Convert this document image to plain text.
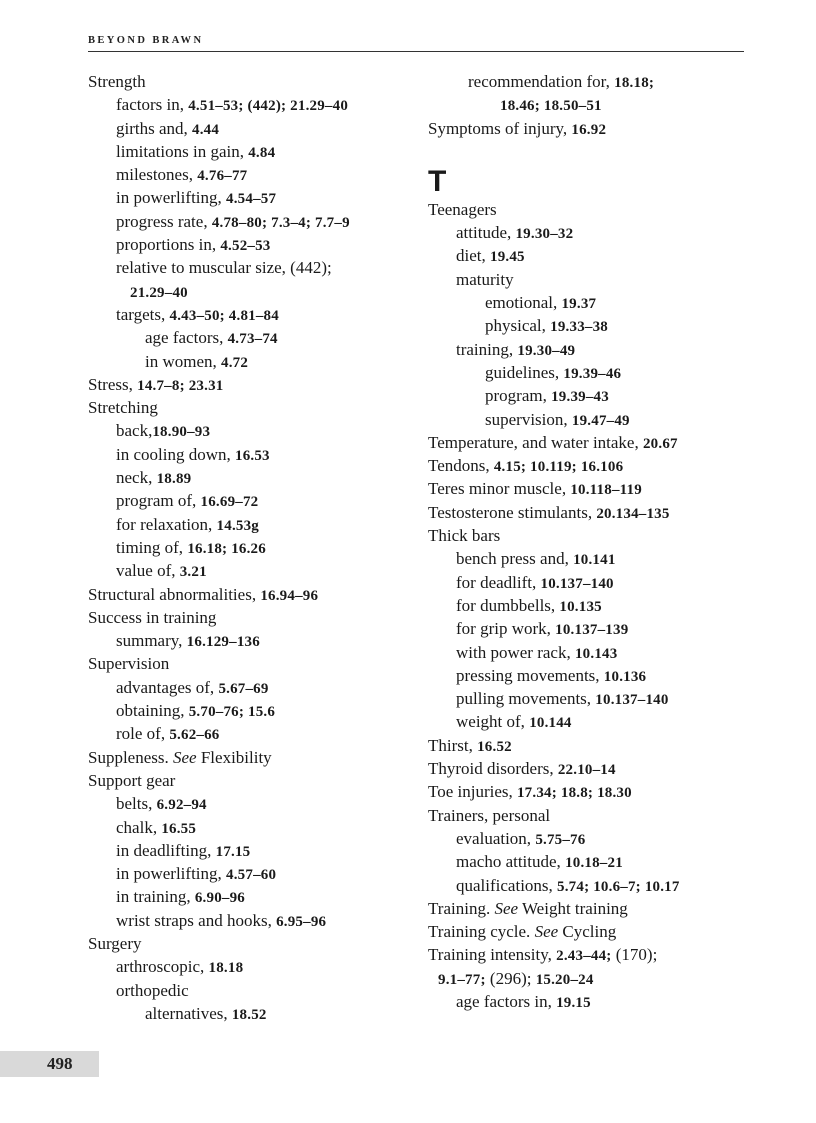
BEYOND BRAWN
Strength
factors in, 4.51–53; (442); 21.29–40
girths and, 4.44
limitations in gain, 4.84
milestones, 4.76–77
in powerlifting, 4.54–57
progress rate, 4.78–80; 7.3–4; 7.7–9
proportions in, 4.52–53
relative to muscular size, (442);
21.29–40
targets, 4.43–50; 4.81–84
age factors, 4.73–74
in women, 4.72
Stress, 14.7–8; 23.31
Stretching
back,18.90–93
in cooling down, 16.53
neck, 18.89
program of, 16.69–72
for relaxation, 14.53g
timing of, 16.18; 16.26
value of, 3.21
Structural abnormalities, 16.94–96
Success in training
summary, 16.129–136
Supervision
advantages of, 5.67–69
obtaining, 5.70–76; 15.6
role of, 5.62–66
Suppleness. See Flexibility
Support gear
belts, 6.92–94
chalk, 16.55
in deadlifting, 17.15
in powerlifting, 4.57–60
in training, 6.90–96
wrist straps and hooks, 6.95–96
Surgery
arthroscopic, 18.18
orthopedic
alternatives, 18.52
recommendation for, 18.18;
18.46; 18.50–51
Symptoms of injury, 16.92
T
Teenagers
attitude, 19.30–32
diet, 19.45
maturity
emotional, 19.37
physical, 19.33–38
training, 19.30–49
guidelines, 19.39–46
program, 19.39–43
supervision, 19.47–49
Temperature, and water intake, 20.67
Tendons, 4.15; 10.119; 16.106
Teres minor muscle, 10.118–119
Testosterone stimulants, 20.134–135
Thick bars
bench press and, 10.141
for deadlift, 10.137–140
for dumbbells, 10.135
for grip work, 10.137–139
with power rack, 10.143
pressing movements, 10.136
pulling movements, 10.137–140
weight of, 10.144
Thirst, 16.52
Thyroid disorders, 22.10–14
Toe injuries, 17.34; 18.8; 18.30
Trainers, personal
evaluation, 5.75–76
macho attitude, 10.18–21
qualifications, 5.74; 10.6–7; 10.17
Training. See Weight training
Training cycle. See Cycling
Training intensity, 2.43–44; (170);
9.1–77; (296); 15.20–24
age factors in, 19.15
498
